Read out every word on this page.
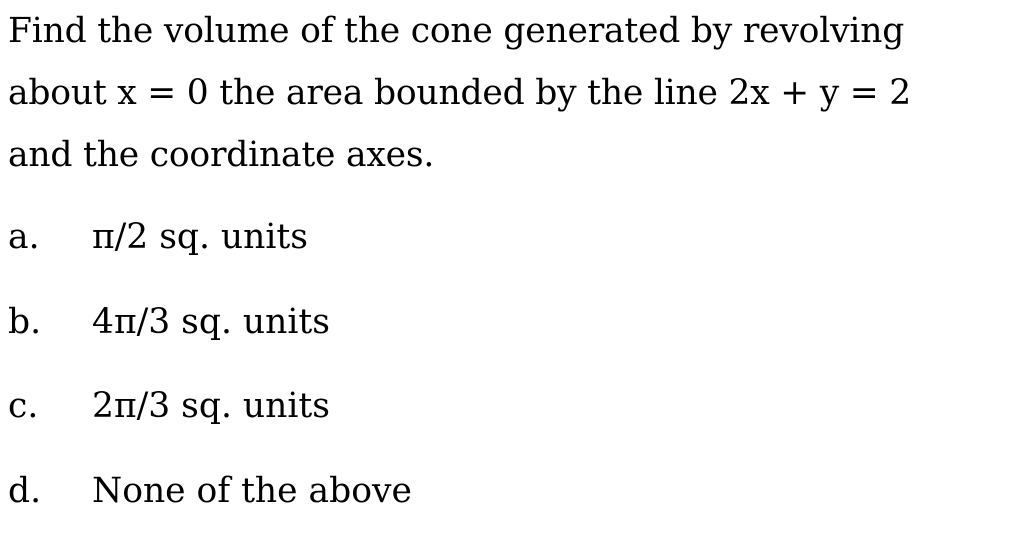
Find the volume of the cone generated by revolving
about x = 0 the area bounded by the line 2x + y = 2
and the coordinate axes.
a. π/2 sq. units
b. 4π/3 sq. units
c. 2π/3 sq. units
d. None of the above
